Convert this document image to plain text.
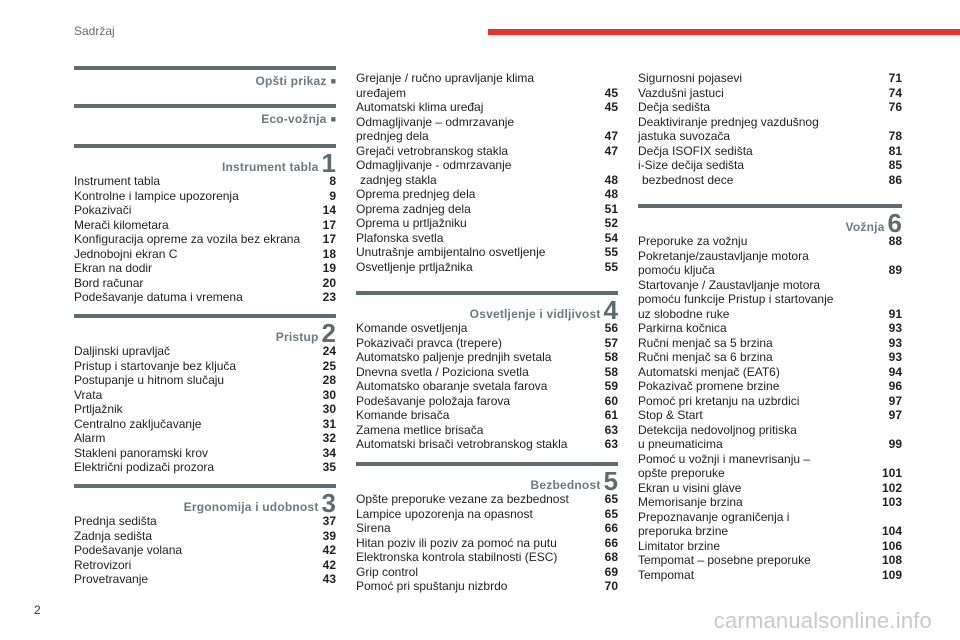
Sadržaj
Opšti prikaz ■
Eco-vožnja ■
Instrument tabla 1
Instrument tabla	8
Kontrolne i lampice upozorenja	9
Pokazivači	14
Merači kilometara	17
Konfiguracija opreme za vozila bez ekrana	17
Jednobojni ekran C	18
Ekran na dodir	19
Bord računar	20
Podešavanje datuma i vremena	23
Pristup 2
Daljinski upravljač	24
Pristup i startovanje bez ključa	25
Postupanje u hitnom slučaju	28
Vrata	30
Prtljažnik	30
Centralno zaključavanje	31
Alarm	32
Stakleni panoramski krov	34
Električni podizači prozora	35
Ergonomija i udobnost 3
Prednja sedišta	37
Zadnja sedišta	39
Podešavanje volana	42
Retrovizori	42
Provetravanje	43
Grejanje / ručno upravljanje klima
uređajem	45
Automatski klima uređaj	45
Odmagljivanje – odmrzavanje
prednjeg dela	47
Grejači vetrobranskog stakla	47
Odmagljivanje - odmrzavanje
zadnjeg stakla	48
Oprema prednjeg dela	48
Oprema zadnjeg dela	51
Oprema u prtljažniku	52
Plafonska svetla	54
Unutrašnje ambijentalno osvetljenje	55
Osvetljenje prtljažnika	55
Osvetljenje i vidljivost 4
Komande osvetljenja	56
Pokazivači pravca (trepere)	57
Automatsko paljenje prednjih svetala	58
Dnevna svetla / Poziciona svetla	58
Automatsko obaranje svetala farova	59
Podešavanje položaja farova	60
Komande brisača	61
Zamena metlice brisača	63
Automatski brisači vetrobranskog stakla	63
Bezbednost 5
Opšte preporuke vezane za bezbednost	65
Lampice upozorenja na opasnost	65
Sirena	66
Hitan poziv ili poziv za pomoć na putu	66
Elektronska kontrola stabilnosti (ESC)	68
Grip control	69
Pomoć pri spuštanju nizbrdo	70
Sigurnosni pojasevi	71
Vazdušni jastuci	74
Dečja sedišta	76
Deaktiviranje prednjeg vazdušnog
jastuka suvozača	78
Dečja ISOFIX sedišta	81
i-Size dečija sedišta	85
bezbednost dece	86
Vožnja 6
Preporuke za vožnju	88
Pokretanje/zaustavljanje motora
pomoću ključa	89
Startovanje / Zaustavljanje motora
pomoću funkcije Pristup i startovanje
uz slobodne ruke	91
Parkirna kočnica	93
Ručni menjač sa 5 brzina	93
Ručni menjač sa 6 brzina	93
Automatski menjač (EAT6)	94
Pokazivač promene brzine	96
Pomoć pri kretanju na uzbrdici	97
Stop & Start	97
Detekcija nedovoljnog pritiska
u pneumaticima	99
Pomoć u vožnji i manevrisanju –
opšte preporuke	101
Ekran u visini glave	102
Memorisanje brzina	103
Prepoznavanje ograničenja i
preporuka brzine	104
Limitator brzine	106
Tempomat – posebne preporuke	108
Tempomat	109
2	carmanualsonline.info
